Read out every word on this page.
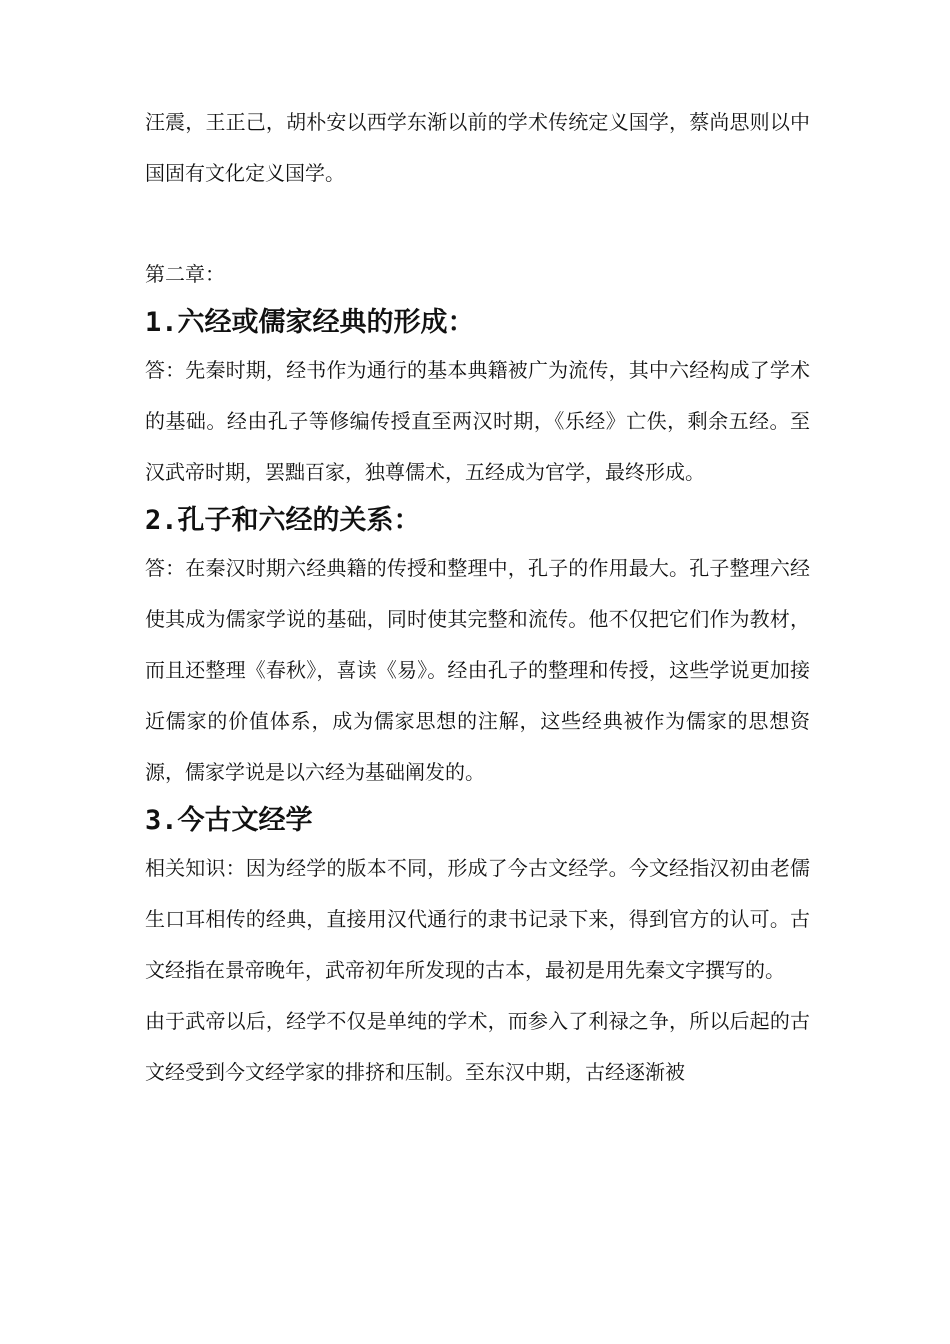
汪震，王正己，胡朴安以西学东渐以前的学术传统定义国学，蔡尚思则以中国固有文化定义国学。

第二章：

1.六经或儒家经典的形成：

答：先秦时期，经书作为通行的基本典籍被广为流传，其中六经构成了学术的基础。经由孔子等修编传授直至两汉时期，《乐经》亡佚，剩余五经。至汉武帝时期，罢黜百家，独尊儒术，五经成为官学，最终形成。

2.孔子和六经的关系：

答：在秦汉时期六经典籍的传授和整理中，孔子的作用最大。孔子整理六经使其成为儒家学说的基础，同时使其完整和流传。他不仅把它们作为教材，而且还整理《春秋》，喜读《易》。经由孔子的整理和传授，这些学说更加接近儒家的价值体系，成为儒家思想的注解，这些经典被作为儒家的思想资源，儒家学说是以六经为基础阐发的。

3.今古文经学

相关知识：因为经学的版本不同，形成了今古文经学。今文经指汉初由老儒生口耳相传的经典，直接用汉代通行的隶书记录下来，得到官方的认可。古文经指在景帝晚年，武帝初年所发现的古本，最初是用先秦文字撰写的。

由于武帝以后，经学不仅是单纯的学术，而参入了利禄之争，所以后起的古文经受到今文经学家的排挤和压制。至东汉中期，古经逐渐被
